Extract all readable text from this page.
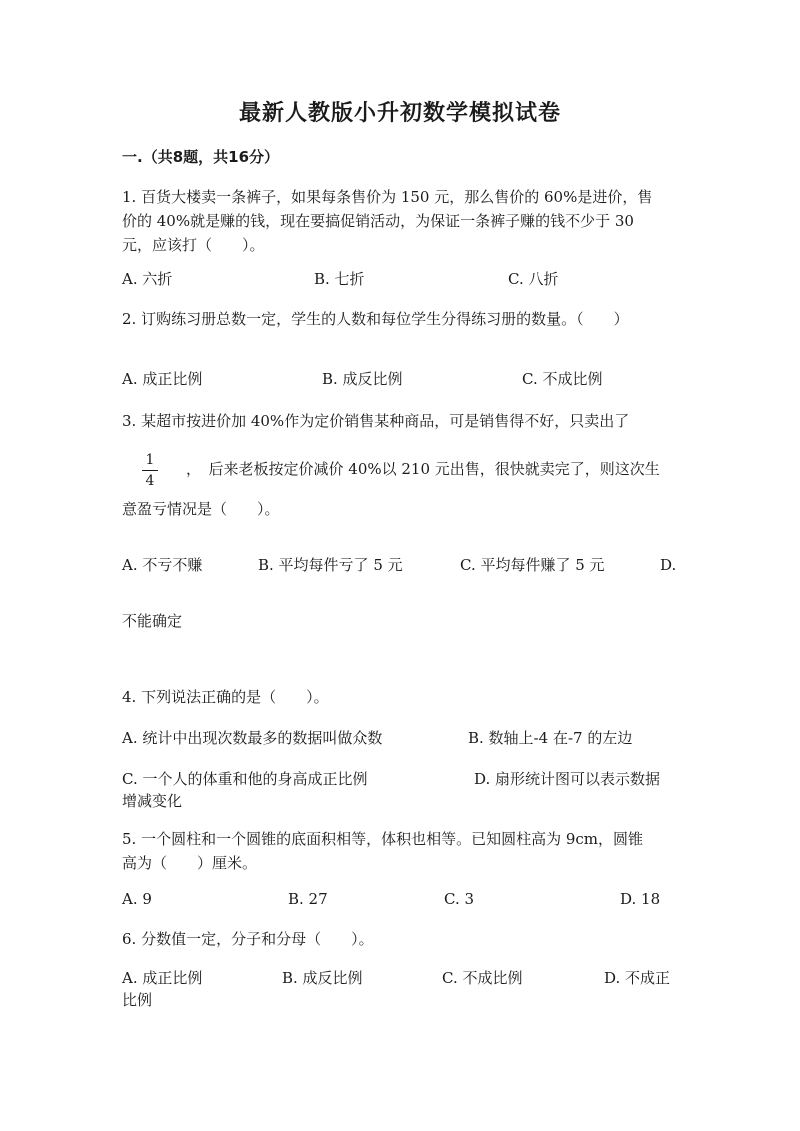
最新人教版小升初数学模拟试卷
一.（共8题，共16分）
1. 百货大楼卖一条裤子，如果每条售价为 150 元，那么售价的 60%是进价，售
价的 40%就是赚的钱，现在要搞促销活动，为保证一条裤子赚的钱不少于 30
元，应该打（　　）。
A. 六折	B. 七折	C. 八折
2. 订购练习册总数一定，学生的人数和每位学生分得练习册的数量。（　　）
A. 成正比例	B. 成反比例	C. 不成比例
3. 某超市按进价加 40%作为定价销售某种商品，可是销售得不好，只卖出了
1
4
，　后来老板按定价减价 40%以 210 元出售，很快就卖完了，则这次生
意盈亏情况是（　　）。
A. 不亏不赚	B. 平均每件亏了 5 元	C. 平均每件赚了 5 元	D.
不能确定
4. 下列说法正确的是（　　）。
A. 统计中出现次数最多的数据叫做众数	B. 数轴上-4 在-7 的左边
C. 一个人的体重和他的身高成正比例	D. 扇形统计图可以表示数据
增减变化
5. 一个圆柱和一个圆锥的底面积相等，体积也相等。已知圆柱高为 9cm，圆锥
高为（　　）厘米。
A. 9	B. 27	C. 3	D. 18
6. 分数值一定，分子和分母（　　）。
A. 成正比例	B. 成反比例	C. 不成比例	D. 不成正
比例
